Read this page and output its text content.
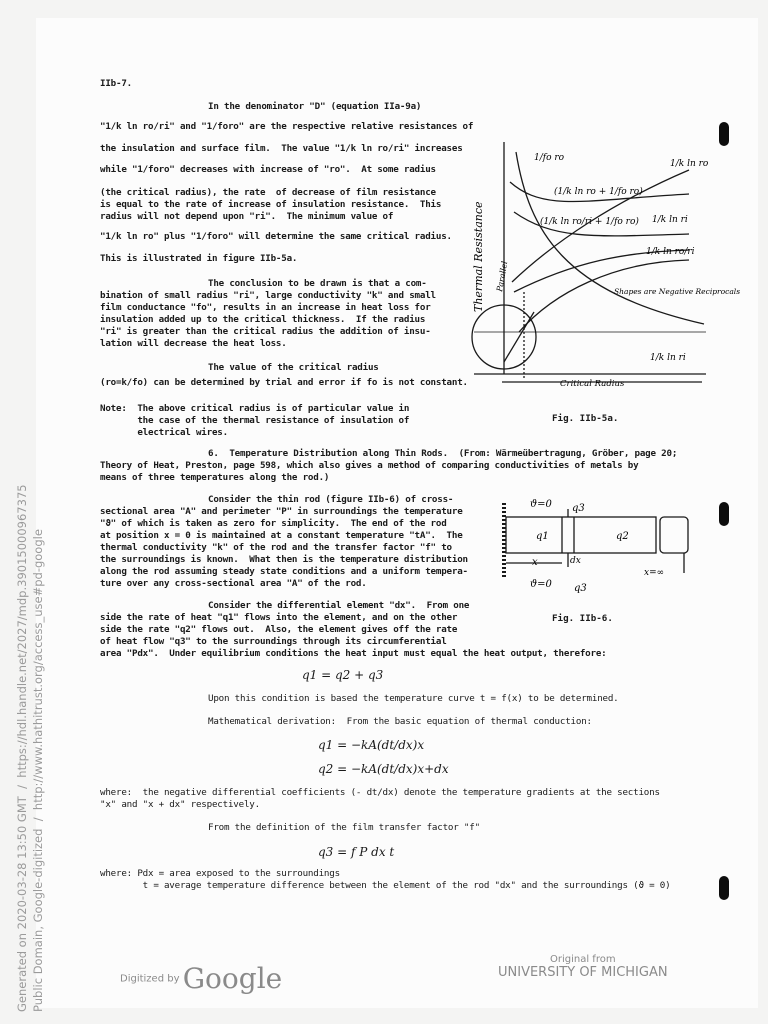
IIb-7.
In the denominator "D" (equation IIa-9a)
"1/k ln ro/ri" and "1/foro" are the respective relative resistances of
the insulation and surface film.  The value "1/k ln ro/ri" increases
while "1/foro" decreases with increase of "ro".  At some radius
(the critical radius), the rate  of decrease of film resistance
is equal to the rate of increase of insulation resistance.  This
radius will not depend upon "ri".  The minimum value of
"1/k ln ro" plus "1/foro" will determine the same critical radius.
This is illustrated in figure IIb-5a.
The conclusion to be drawn is that a com-
bination of small radius "ri", large conductivity "k" and small
film conductance "fo", results in an increase in heat loss for
insulation added up to the critical thickness.  If the radius
"ri" is greater than the critical radius the addition of insu-
lation will decrease the heat loss.
The value of the critical radius
(ro=k/fo) can be determined by trial and error if fo is not constant.
Note:  The above critical radius is of particular value in
the case of the thermal resistance of insulation of
electrical wires.
Thermal Resistance Parallel
1/fo ro
(1/k ln ro + 1/fo ro)
(1/k ln ro/ri + 1/fo ro)
1/k ln ro
1/k ln ri
1/k ln ro/ri
Shapes are Negative Reciprocals
1/k ln ri
Critical Radius
Fig. IIb-5a.
6.  Temperature Distribution along Thin Rods.  (From: Wärmeübertragung, Gröber, page 20;
Theory of Heat, Preston, page 598, which also gives a method of comparing conductivities of metals by
means of three temperatures along the rod.)
Consider the thin rod (figure IIb-6) of cross-
sectional area "A" and perimeter "P" in surroundings the temperature
"ϑ" of which is taken as zero for simplicity.  The end of the rod
at position x = 0 is maintained at a constant temperature "tA".  The
thermal conductivity "k" of the rod and the transfer factor "f" to
the surroundings is known.  What then is the temperature distribution
along the rod assuming steady state conditions and a uniform tempera-
ture over any cross-sectional area "A" of the rod.
ϑ=0 q3
q1	q2
x	dx
x=∞
ϑ=0 q3
Fig. IIb-6.
Consider the differential element "dx".  From one
side the rate of heat "q1" flows into the element, and on the other
side the rate "q2" flows out.  Also, the element gives off the rate
of heat flow "q3" to the surroundings through its circumferential
area "Pdx".  Under equilibrium conditions the heat input must equal the heat output, therefore:
q1 = q2 + q3
Upon this condition is based the temperature curve t = f(x) to be determined.
Mathematical derivation:  From the basic equation of thermal conduction:
q1 = −kA(dt/dx)x
q2 = −kA(dt/dx)x+dx
where:  the negative differential coefficients (- dt/dx) denote the temperature gradients at the sections
"x" and "x + dx" respectively.
From the definition of the film transfer factor "f"
q3 = f P dx t
where: Pdx = area exposed to the surroundings
t = average temperature difference between the element of the rod "dx" and the surroundings (ϑ = 0)
Generated on 2020-03-28 13:50 GMT  /  https://hdl.handle.net/2027/mdp.39015000967375 Public Domain, Google-digitized  /  http://www.hathitrust.org/access_use#pd-google	Digitized by Google
Original from
UNIVERSITY OF MICHIGAN
